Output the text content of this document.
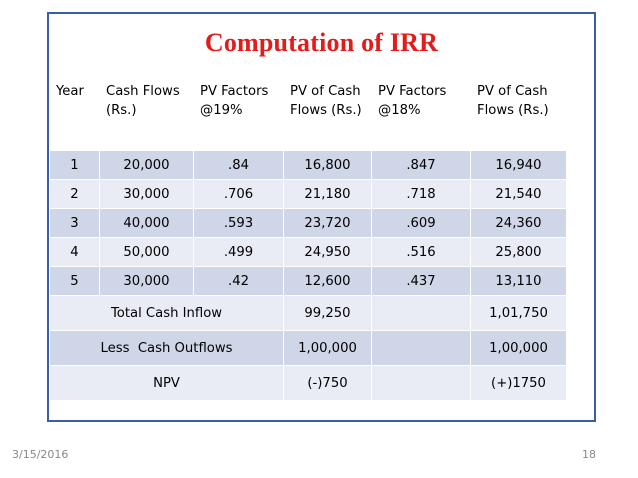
Computation of IRR
Year	Cash Flows (Rs.)	PV Factors @19%	PV of Cash Flows (Rs.)	PV Factors @18%	PV of Cash Flows (Rs.)
1	20,000	.84	16,800	.847	16,940
2	30,000	.706	21,180	.718	21,540
3	40,000	.593	23,720	.609	24,360
4	50,000	.499	24,950	.516	25,800
5	30,000	.42	12,600	.437	13,110
Total Cash Inflow			99,250		1,01,750
Less  Cash Outflows			1,00,000		1,00,000
NPV			(-)750		(+)1750
3/15/2016	18
